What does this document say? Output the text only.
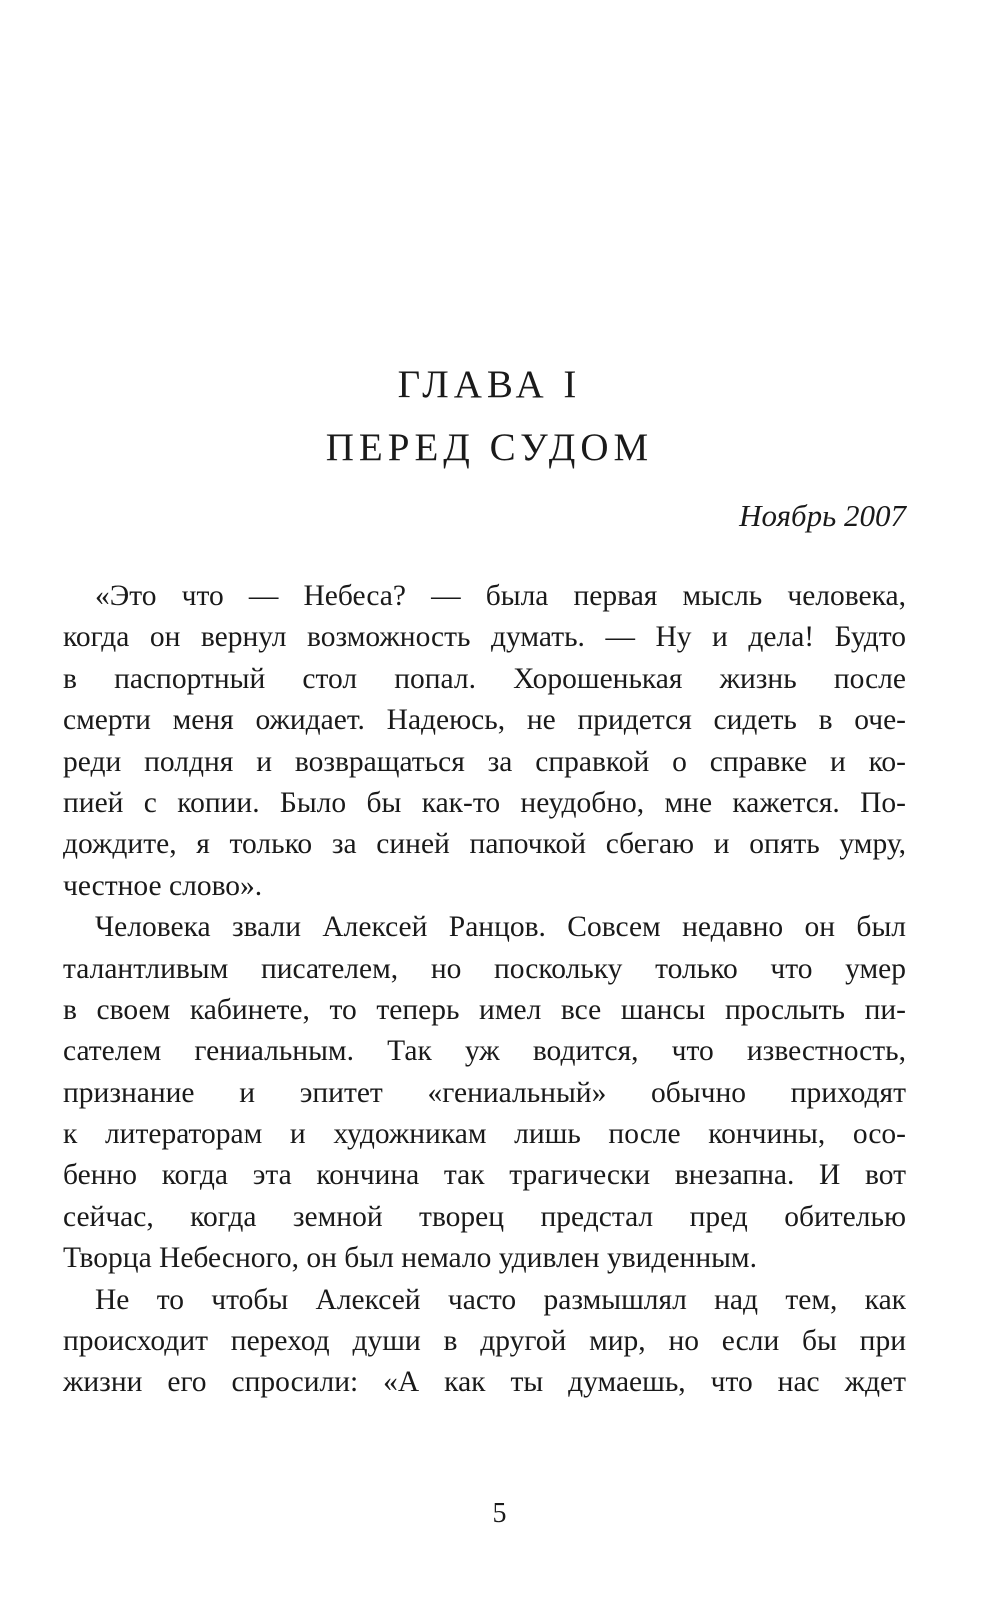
ГЛАВА I
ПЕРЕД СУДОМ

Ноябрь 2007

«Это что — Небеса? — была первая мысль человека,
когда он вернул возможность думать. — Ну и дела! Будто
в паспортный стол попал. Хорошенькая жизнь после
смерти меня ожидает. Надеюсь, не придется сидеть в оче-
реди полдня и возвращаться за справкой о справке и ко-
пией с копии. Было бы как-то неудобно, мне кажется. По-
дождите, я только за синей папочкой сбегаю и опять умру,
честное слово».
Человека звали Алексей Ранцов. Совсем недавно он был
талантливым писателем, но поскольку только что умер
в своем кабинете, то теперь имел все шансы прослыть пи-
сателем гениальным. Так уж водится, что известность,
признание и эпитет «гениальный» обычно приходят
к литераторам и художникам лишь после кончины, осо-
бенно когда эта кончина так трагически внезапна. И вот
сейчас, когда земной творец предстал пред обителью
Творца Небесного, он был немало удивлен увиденным.
Не то чтобы Алексей часто размышлял над тем, как
происходит переход души в другой мир, но если бы при
жизни его спросили: «А как ты думаешь, что нас ждет

5
